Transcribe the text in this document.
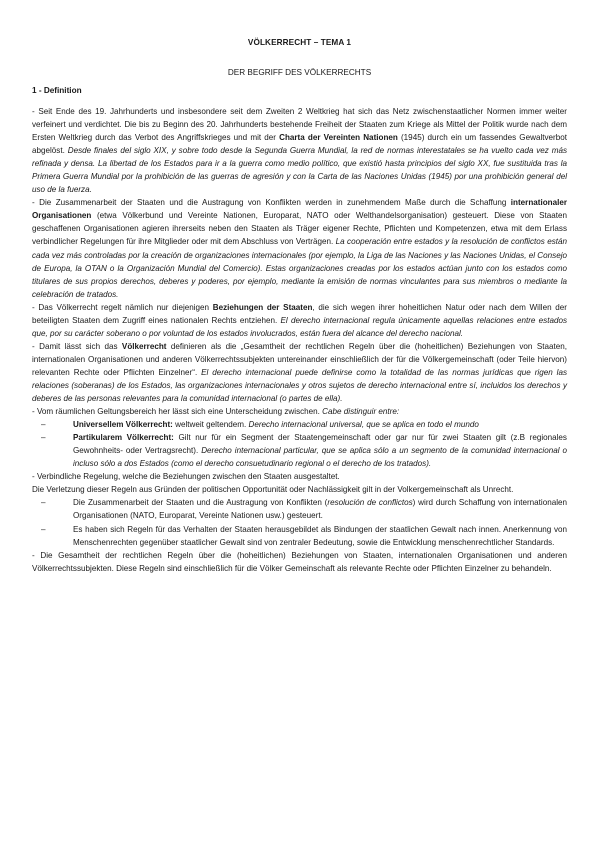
VÖLKERRECHT – TEMA 1
DER BEGRIFF DES VÖLKERRECHTS
1 - Definition

- Seit Ende des 19. Jahrhunderts und insbesondere seit dem Zweiten 2 Weltkrieg hat sich das Netz zwischenstaatlicher Normen immer weiter verfeinert und verdichtet. Die bis zu Beginn des 20. Jahrhunderts bestehende Freiheit der Staaten zum Kriege als Mittel der Politik wurde nach dem Ersten Weltkrieg durch das Verbot des Angriffskrieges und mit der Charta der Vereinten Nationen (1945) durch ein um fassendes Gewaltverbot abgelöst. Desde finales del siglo XIX, y sobre todo desde la Segunda Guerra Mundial, la red de normas interestatales se ha vuelto cada vez más refinada y densa. La libertad de los Estados para ir a la guerra como medio político, que existió hasta principios del siglo XX, fue sustituida tras la Primera Guerra Mundial por la prohibición de las guerras de agresión y con la Carta de las Naciones Unidas (1945) por una prohibición general del uso de la fuerza.

- Die Zusammenarbeit der Staaten und die Austragung von Konflikten werden in zunehmendem Maße durch die Schaffung internationaler Organisationen (etwa Völkerbund und Vereinte Nationen, Europarat, NATO oder Welthandelsorganisation) gesteuert. Diese von Staaten geschaffenen Organisationen agieren ihrerseits neben den Staaten als Träger eigener Rechte, Pflichten und Kompetenzen, etwa mit dem Erlass verbindlicher Regelungen für ihre Mitglieder oder mit dem Abschluss von Verträgen. La cooperación entre estados y la resolución de conflictos están cada vez más controladas por la creación de organizaciones internacionales (por ejemplo, la Liga de las Naciones y las Naciones Unidas, el Consejo de Europa, la OTAN o la Organización Mundial del Comercio). Estas organizaciones creadas por los estados actúan junto con los estados como titulares de sus propios derechos, deberes y poderes, por ejemplo, mediante la emisión de normas vinculantes para sus miembros o mediante la celebración de tratados.

- Das Völkerrecht regelt nämlich nur diejenigen Beziehungen der Staaten, die sich wegen ihrer hoheitlichen Natur oder nach dem Willen der beteiligten Staaten dem Zugriff eines nationalen Rechts entziehen. El derecho internacional regula únicamente aquellas relaciones entre estados que, por su carácter soberano o por voluntad de los estados involucrados, están fuera del alcance del derecho nacional.

- Damit lässt sich das Völkerrecht definieren als die „Gesamtheit der rechtlichen Regeln über die (hoheitlichen) Beziehungen von Staaten, internationalen Organisationen und anderen Völkerrechtssubjekten untereinander einschließlich der für die Völkergemeinschaft (oder Teile hiervon) relevanten Rechte oder Pflichten Einzelner“. El derecho internacional puede definirse como la totalidad de las normas jurídicas que rigen las relaciones (soberanas) de los Estados, las organizaciones internacionales y otros sujetos de derecho internacional entre sí, incluidos los derechos y deberes de las personas relevantes para la comunidad internacional (o partes de ella).

- Vom räumlichen Geltungsbereich her lässt sich eine Unterscheidung zwischen. Cabe distinguir entre:

–	Universellem Völkerrecht: weltweit geltendem. Derecho internacional universal, que se aplica en todo el mundo
–	Partikularem Völkerrecht: Gilt nur für ein Segment der Staatengemeinschaft oder gar nur für zwei Staaten gilt (z.B regionales Gewohnheits- oder Vertragsrecht). Derecho internacional particular, que se aplica sólo a un segmento de la comunidad internacional o incluso sólo a dos Estados (como el derecho consuetudinario regional o el derecho de los tratados).

- Verbindliche Regelung, welche die Beziehungen zwischen den Staaten ausgestaltet.

Die Verletzung dieser Regeln aus Gründen der politischen Opportunität oder Nachlässigkeit gilt in der Volkergemeinschaft als Unrecht.

–	Die Zusammenarbeit der Staaten und die Austragung von Konflikten (resolución de conflictos) wird durch Schaffung von internationalen Organisationen (NATO, Europarat, Vereinte Nationen usw.) gesteuert.
–	Es haben sich Regeln für das Verhalten der Staaten herausgebildet als Bindungen der staatlichen Gewalt nach innen. Anerkennung von Menschenrechten gegenüber staatlicher Gewalt sind von zentraler Bedeutung, sowie die Entwicklung menschenrechtlicher Standards.

- Die Gesamtheit der rechtlichen Regeln über die (hoheitlichen) Beziehungen von Staaten, internationalen Organisationen und anderen Völkerrechtssubjekten. Diese Regeln sind einschließlich für die Völker Gemeinschaft als relevante Rechte oder Pflichten Einzelner zu behandeln.
